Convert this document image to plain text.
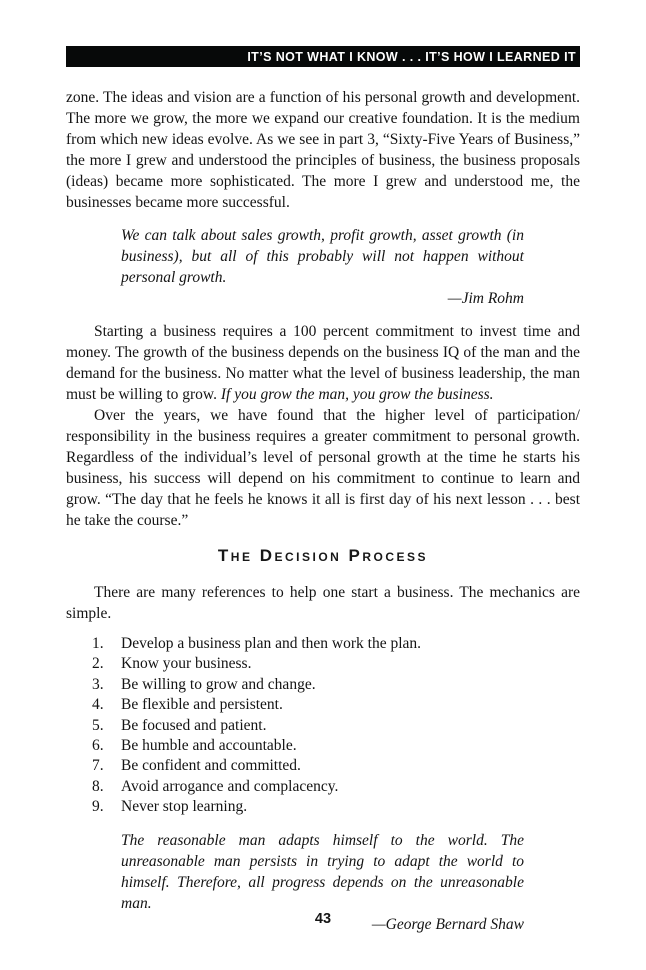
IT’S NOT WHAT I KNOW . . . IT’S HOW I LEARNED IT

zone. The ideas and vision are a function of his personal growth and development. The more we grow, the more we expand our creative foundation. It is the medium from which new ideas evolve. As we see in part 3, “Sixty-Five Years of Business,” the more I grew and understood the principles of business, the business proposals (ideas) became more sophisticated. The more I grew and understood me, the businesses became more successful.

We can talk about sales growth, profit growth, asset growth (in business), but all of this probably will not happen without personal growth.

—Jim Rohm

Starting a business requires a 100 percent commitment to invest time and money. The growth of the business depends on the business IQ of the man and the demand for the business. No matter what the level of business leadership, the man must be willing to grow. If you grow the man, you grow the business.

Over the years, we have found that the higher level of participation/​responsibility in the business requires a greater commitment to personal growth. Regardless of the individual’s level of personal growth at the time he starts his business, his success will depend on his commitment to continue to learn and grow. “The day that he feels he knows it all is first day of his next lesson . . . best he take the course.”

The Decision Process

There are many references to help one start a business. The mechanics are simple.

1.	Develop a business plan and then work the plan.
2.	Know your business.
3.	Be willing to grow and change.
4.	Be flexible and persistent.
5.	Be focused and patient.
6.	Be humble and accountable.
7.	Be confident and committed.
8.	Avoid arrogance and complacency.
9.	Never stop learning.

The reasonable man adapts himself to the world. The unreasonable man persists in trying to adapt the world to himself. Therefore, all progress depends on the unreasonable man.

—George Bernard Shaw
43
